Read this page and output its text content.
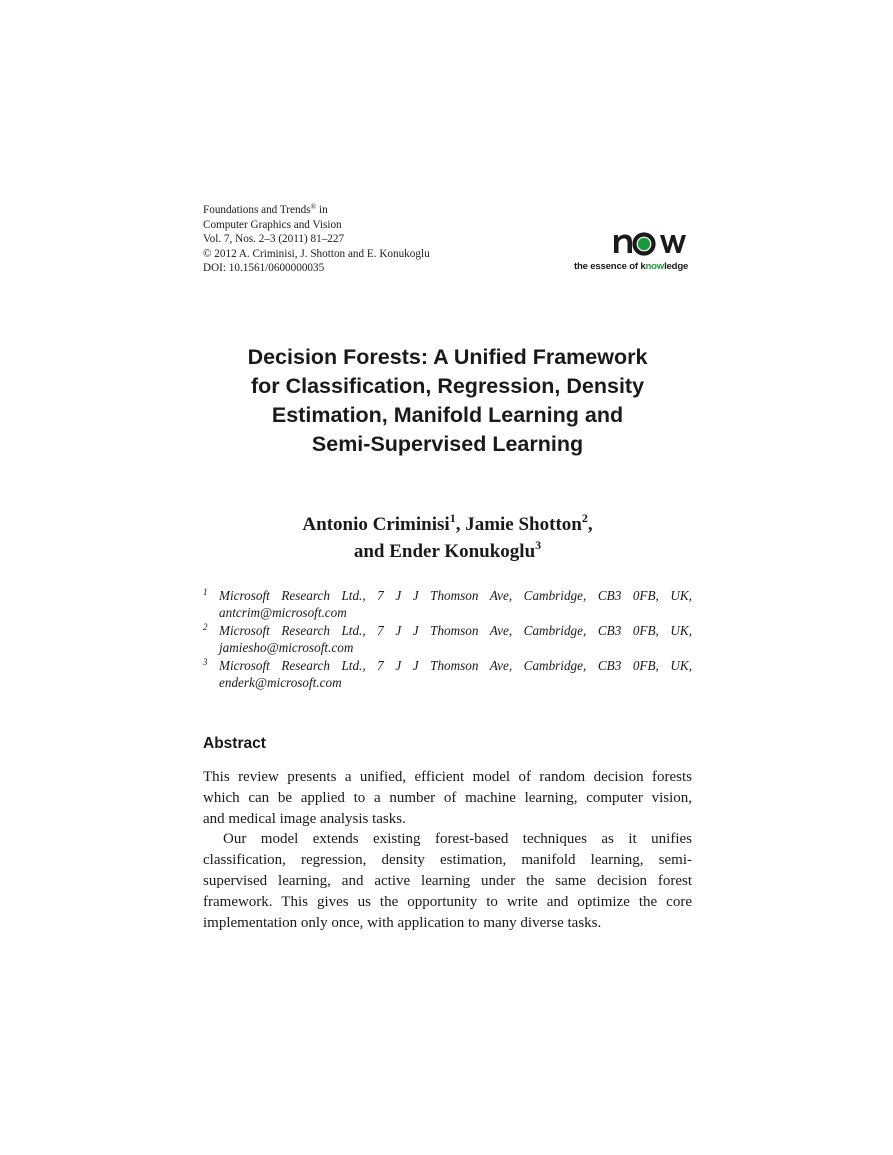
Foundations and Trends® in
Computer Graphics and Vision
Vol. 7, Nos. 2–3 (2011) 81–227
© 2012 A. Criminisi, J. Shotton and E. Konukoglu
DOI: 10.1561/0600000035	the essence of knowledge
Decision Forests: A Unified Framework
for Classification, Regression, Density
Estimation, Manifold Learning and
Semi-Supervised Learning
Antonio Criminisi$^1$, Jamie Shotton$^2$,
and Ender Konukoglu$^3$
1 Microsoft Research Ltd., 7 J J Thomson Ave, Cambridge, CB3 0FB, UK,
antcrim@microsoft.com
2 Microsoft Research Ltd., 7 J J Thomson Ave, Cambridge, CB3 0FB, UK,
jamiesho@microsoft.com
3 Microsoft Research Ltd., 7 J J Thomson Ave, Cambridge, CB3 0FB, UK,
enderk@microsoft.com
Abstract
This review presents a unified, efficient model of random decision forests
which can be applied to a number of machine learning, computer vision,
and medical image analysis tasks.
Our model extends existing forest-based techniques as it unifies
classification, regression, density estimation, manifold learning, semi-
supervised learning, and active learning under the same decision forest
framework. This gives us the opportunity to write and optimize the core
implementation only once, with application to many diverse tasks.
